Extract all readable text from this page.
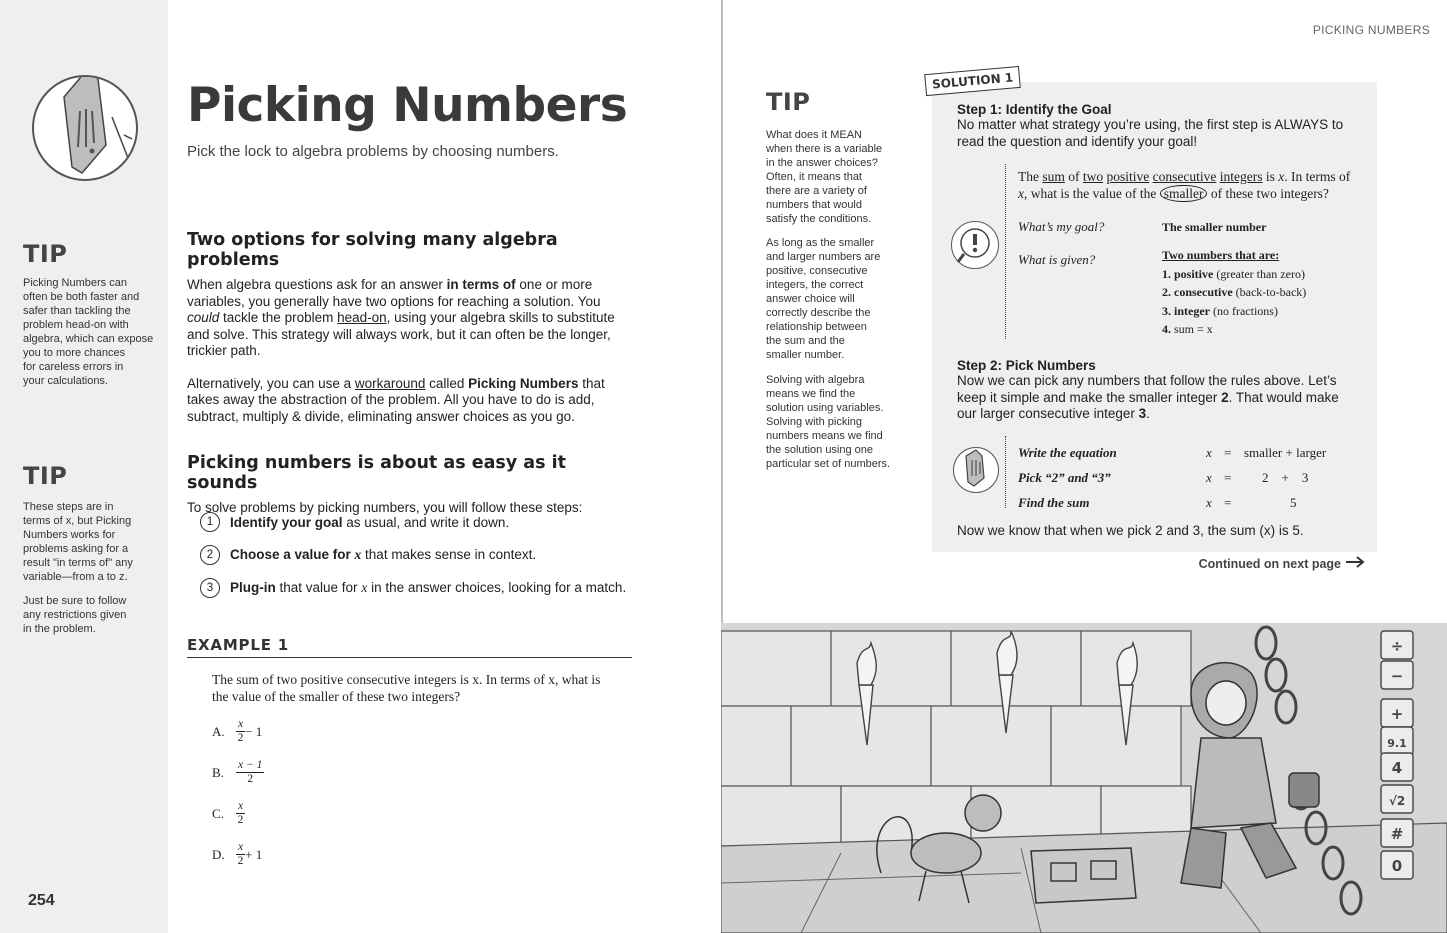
TIP
Picking Numbers can
often be both faster and
safer than tackling the
problem head-on with
algebra, which can expose
you to more chances
for careless errors in
your calculations.
TIP
These steps are in
terms of x, but Picking
Numbers works for
problems asking for a
result "in terms of" any
variable—from a to z.
Just be sure to follow
any restrictions given
in the problem.
254
Picking Numbers
Pick the lock to algebra problems by choosing numbers.
Two options for solving many algebra problems

When algebra questions ask for an answer in terms of one or more variables, you generally have two options for reaching a solution. You could tackle the problem head-on, using your algebra skills to substitute and solve. This strategy will always work, but it can often be the longer, trickier path.

Alternatively, you can use a workaround called Picking Numbers that takes away the abstraction of the problem. All you have to do is add, subtract, multiply & divide, eliminating answer choices as you go.

Picking numbers is about as easy as it sounds

To solve problems by picking numbers, you will follow these steps:

1	Identify your goal as usual, and write it down.
2	Choose a value for x that makes sense in context.
3	Plug-in that value for x in the answer choices, looking for a match.
EXAMPLE 1
The sum of two positive consecutive integers is x. In terms of x, what is
the value of the smaller of these two integers?
A. $\frac{x}{2} - 1$
B.	$\frac{x - 1}{2}$
C.	$\frac{x}{2}$
D. $\frac{x}{2} + 1$
PICKING NUMBERS
TIP
What does it MEAN
when there is a variable
in the answer choices?
Often, it means that
there are a variety of
numbers that would
satisfy the conditions.
As long as the smaller
and larger numbers are
positive, consecutive
integers, the correct
answer choice will
correctly describe the
relationship between
the sum and the
smaller number.
Solving with algebra
means we find the
solution using variables.
Solving with picking
numbers means we find
the solution using one
particular set of numbers.
SOLUTION 1
Step 1: Identify the Goal
No matter what strategy you’re using, the first step is ALWAYS to
read the question and identify your goal!
The sum of two positive consecutive integers is x. In terms of
x, what is the value of the smaller of these two integers?
What’s my goal?	The smaller number
What is given?	Two numbers that are:
1. positive (greater than zero)
2. consecutive (back-to-back)
3. integer (no fractions)
4. sum = x
Step 2: Pick Numbers
Now we can pick any numbers that follow the rules above. Let’s
keep it simple and make the smaller integer 2. That would make
our larger consecutive integer 3.
Write the equation	x = smaller + larger
Pick “2” and “3”	x =	2    +    3
Find the sum	x =	5
Now we know that when we pick 2 and 3, the sum (x) is 5.
Continued on next page
÷
−
+
9.1
4
√2
#
0
